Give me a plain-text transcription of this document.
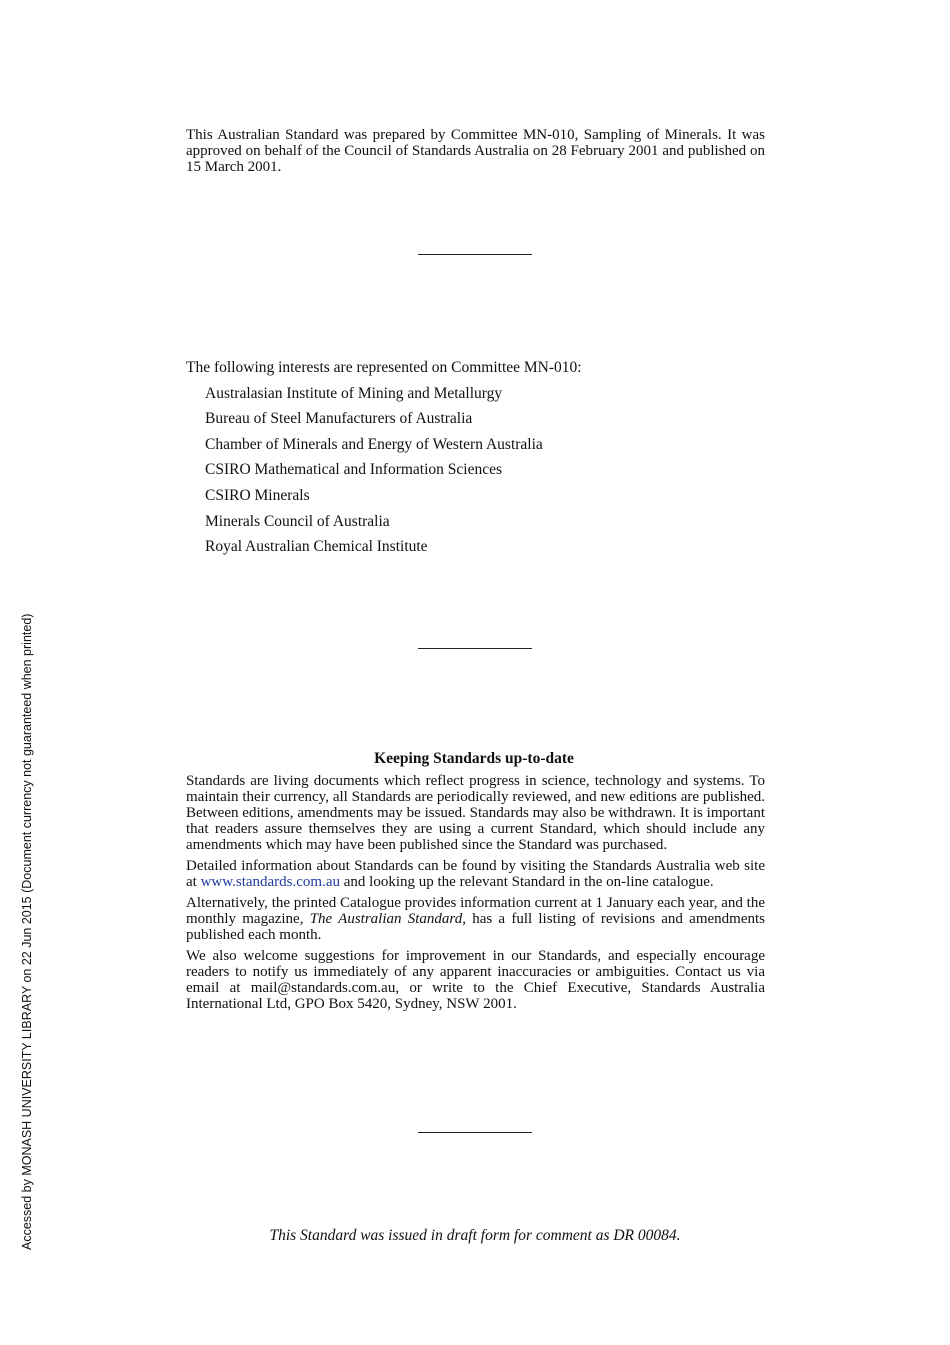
Accessed by MONASH UNIVERSITY LIBRARY on 22 Jun 2015 (Document currency not guaranteed when printed)

This Australian Standard was prepared by Committee MN-010, Sampling of Minerals. It was approved on behalf of the Council of Standards Australia on 28 February 2001 and published on 15 March 2001.

The following interests are represented on Committee MN-010:

Australasian Institute of Mining and Metallurgy
Bureau of Steel Manufacturers of Australia
Chamber of Minerals and Energy of Western Australia
CSIRO Mathematical and Information Sciences
CSIRO Minerals
Minerals Council of Australia
Royal Australian Chemical Institute
Keeping Standards up-to-date

Standards are living documents which reflect progress in science, technology and systems. To maintain their currency, all Standards are periodically reviewed, and new editions are published. Between editions, amendments may be issued. Standards may also be withdrawn. It is important that readers assure themselves they are using a current Standard, which should include any amendments which may have been published since the Standard was purchased.

Detailed information about Standards can be found by visiting the Standards Australia web site at www.standards.com.au and looking up the relevant Standard in the on-line catalogue.

Alternatively, the printed Catalogue provides information current at 1 January each year, and the monthly magazine, The Australian Standard, has a full listing of revisions and amendments published each month.

We also welcome suggestions for improvement in our Standards, and especially encourage readers to notify us immediately of any apparent inaccuracies or ambiguities. Contact us via email at mail@standards.com.au, or write to the Chief Executive, Standards Australia International Ltd, GPO Box 5420, Sydney, NSW 2001.

This Standard was issued in draft form for comment as DR 00084.
